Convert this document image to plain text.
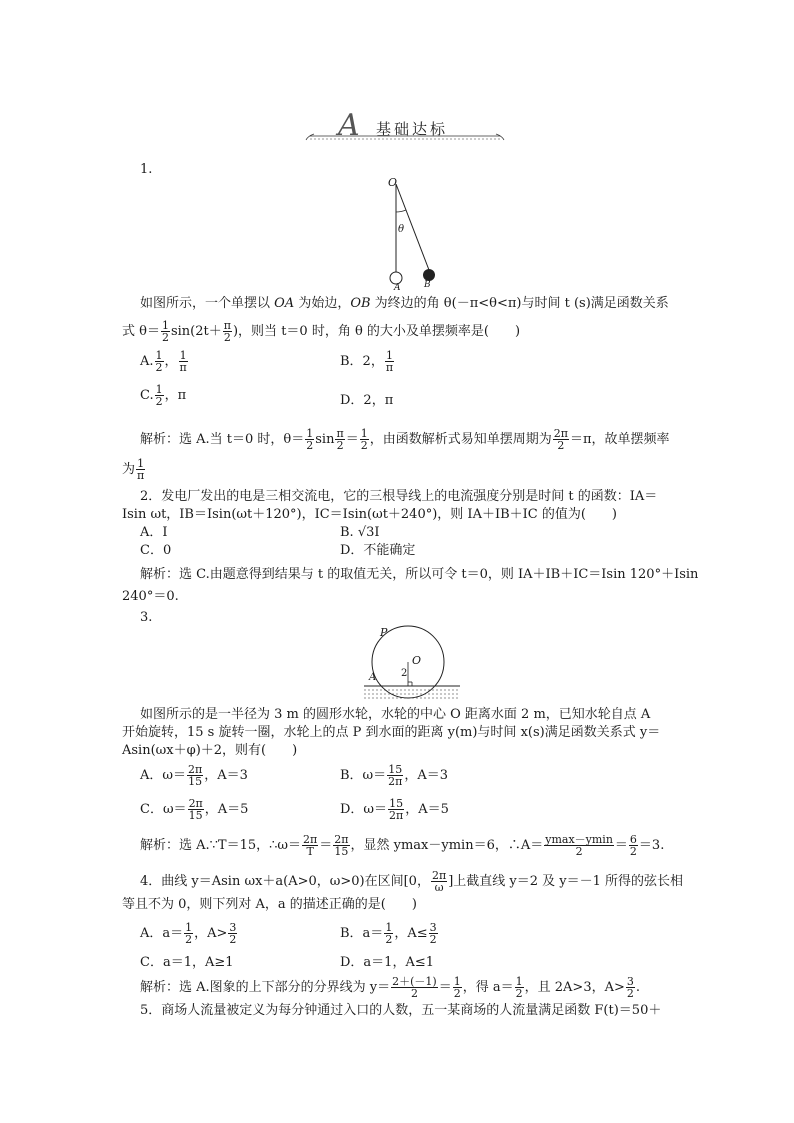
A 基础达标
1.
O
θ
A	B
如图所示，一个单摆以 OA 为始边，OB 为终边的角 θ(－π<θ<π)与时间 t (s)满足函数关系
式 $\theta= \frac{1}{2} \sin(2t+ \frac{\pi}{2}$ )，则当 t＝0 时，角 θ 的大小及单摆频率是(　　)
A. $\frac{1}{2}$ ， $\frac{1}{\pi}$	B．2， $\frac{1}{\pi}$
C. $\frac{1}{2}$ ，π	D．2，π
解析：选 A.当 t＝0 时，$\theta= \frac{1}{2}$ $\sin \frac{\pi}{2} = \frac{1}{2}$ ，由函数解析式易知单摆周期为 $\frac{2\pi}{2} =\pi$，故单摆频率
为 $\frac{1}{\pi}$
2．发电厂发出的电是三相交流电，它的三根导线上的电流强度分别是时间 t 的函数：IA＝
Isin ωt，IB＝Isin(ωt＋120°)，IC＝Isin(ωt＋240°)，则 IA＋IB＋IC 的值为(　　)
A．I	B. √3I
C．0	D．不能确定
解析：选 C.由题意得到结果与 t 的取值无关，所以可令 t＝0，则 IA＋IB＋IC＝Isin 120°＋Isin
240°＝0.
3.
P
O
2
A
如图所示的是一半径为 3 m 的圆形水轮，水轮的中心 O 距离水面 2 m，已知水轮自点 A
开始旋转，15 s 旋转一圈，水轮上的点 P 到水面的距离 y(m)与时间 x(s)满足函数关系式 y＝
Asin(ωx＋φ)＋2，则有(　　)
A．$\omega= \frac{2\pi}{15}$ ，A＝3	B．$\omega= \frac{15}{2\pi}$ ，A＝3
C．$\omega= \frac{2\pi}{15}$ ，A＝5	D．$\omega= \frac{15}{2\pi}$ ，A＝5
解析：选 A.∵T＝15，∴ω＝ $\frac{2\pi}{T} = \frac{2\pi}{15}$ ，显然 ymax－ymin＝6，∴A＝ $\frac{ymax-ymin}{2} = \frac{6}{2} =3$.
4．曲线 y＝Asin ωx＋a(A>0，ω>0)在区间[0， $\frac{2\pi}{\omega}$ ]上截直线 y＝2 及 y＝－1 所得的弦长相
等且不为 0，则下列对 A，a 的描述正确的是(　　)
A．$a= \frac{1}{2}$ ，$A> \frac{3}{2}$	B．$a= \frac{1}{2}$ ，$A\le \frac{3}{2}$
C．a＝1，A≥1	D．a＝1，A≤1
解析：选 A.图象的上下部分的分界线为 $y= \frac{2+(-1)}{2} = \frac{1}{2}$ ，得 $a= \frac{1}{2}$ ，且 2A>3，$A> \frac{3}{2}$ .
5．商场人流量被定义为每分钟通过入口的人数，五一某商场的人流量满足函数 F(t)＝50＋
